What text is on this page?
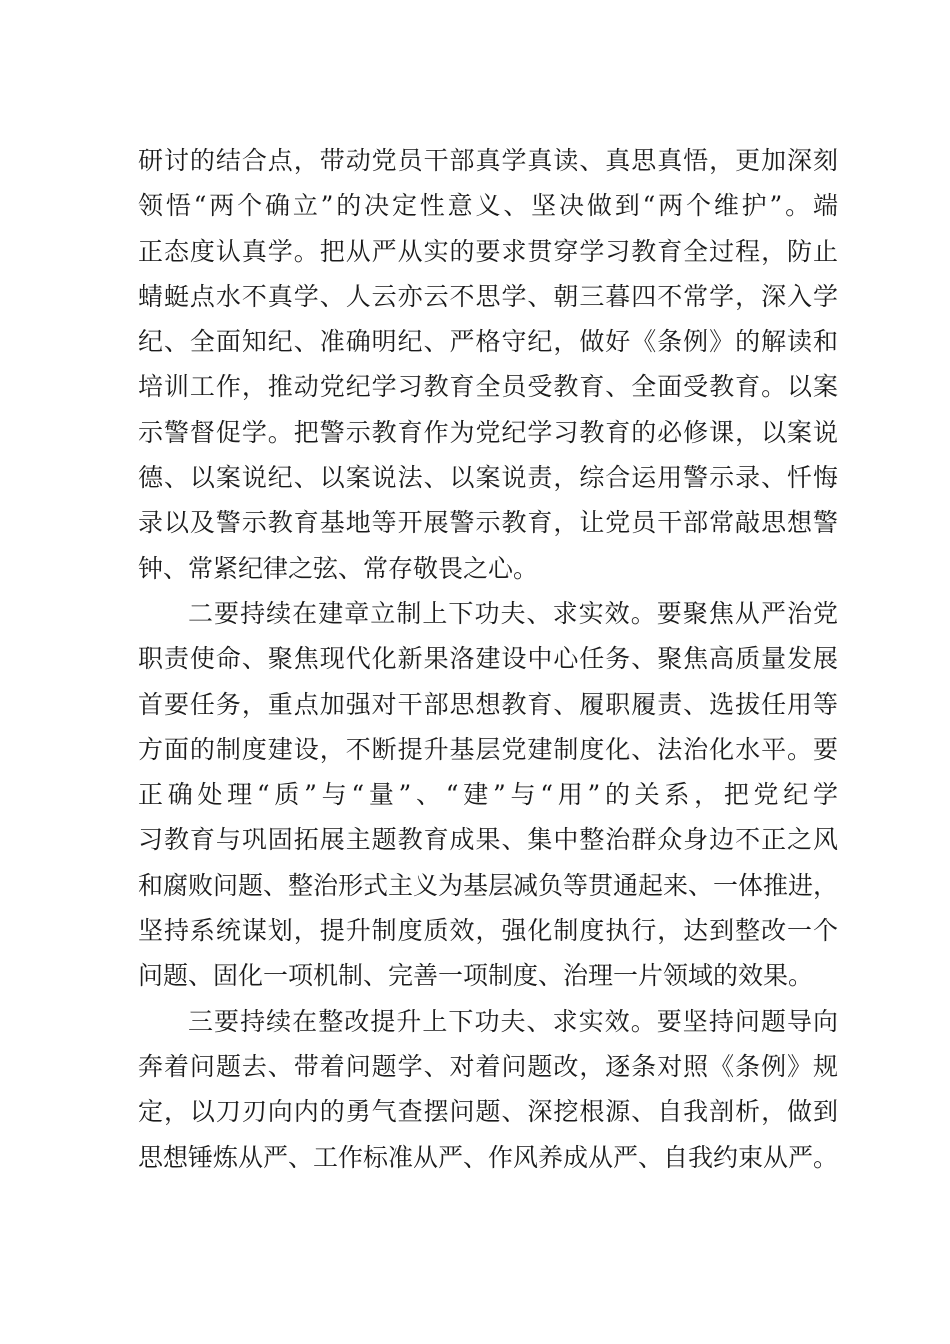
研讨的结合点，带动党员干部真学真读、真思真悟，更加深刻
领悟“两个确立”的决定性意义、坚决做到“两个维护”。端
正态度认真学。把从严从实的要求贯穿学习教育全过程，防止
蜻蜓点水不真学、人云亦云不思学、朝三暮四不常学，深入学
纪、全面知纪、准确明纪、严格守纪，做好《条例》的解读和
培训工作，推动党纪学习教育全员受教育、全面受教育。以案
示警督促学。把警示教育作为党纪学习教育的必修课，以案说
德、以案说纪、以案说法、以案说责，综合运用警示录、忏悔
录以及警示教育基地等开展警示教育，让党员干部常敲思想警
钟、常紧纪律之弦、常存敬畏之心。
二要持续在建章立制上下功夫、求实效。要聚焦从严治党
职责使命、聚焦现代化新果洛建设中心任务、聚焦高质量发展
首要任务，重点加强对干部思想教育、履职履责、选拔任用等
方面的制度建设，不断提升基层党建制度化、法治化水平。要
正确处理“质”与“量”、“建”与“用”的关系，把党纪学
习教育与巩固拓展主题教育成果、集中整治群众身边不正之风
和腐败问题、整治形式主义为基层减负等贯通起来、一体推进，
坚持系统谋划，提升制度质效，强化制度执行，达到整改一个
问题、固化一项机制、完善一项制度、治理一片领域的效果。
三要持续在整改提升上下功夫、求实效。要坚持问题导向
奔着问题去、带着问题学、对着问题改，逐条对照《条例》规
定，以刀刃向内的勇气查摆问题、深挖根源、自我剖析，做到
思想锤炼从严、工作标准从严、作风养成从严、自我约束从严。
